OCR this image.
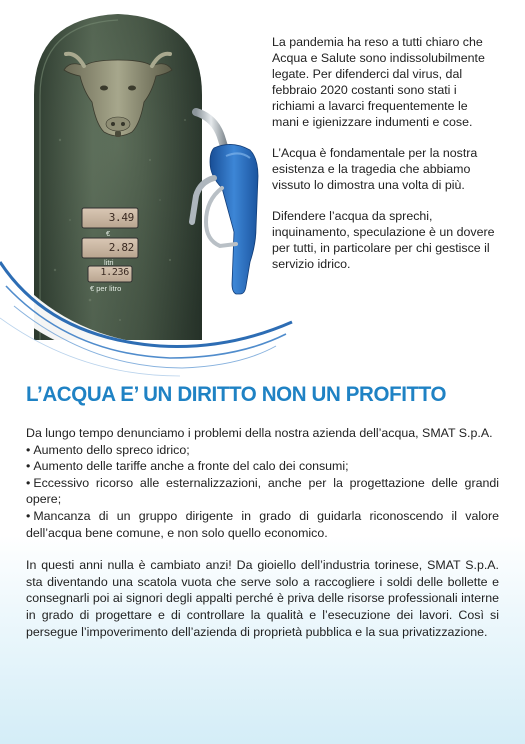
3.49
€
2.82
litri
1.236
€ per litro

La pandemia ha reso a tutti chiaro che Acqua e Salute sono indissolubilmente legate. Per difenderci dal virus, dal febbraio 2020 costanti sono stati i richiami a lavarci frequentemente le mani e igienizzare indumenti e cose.

L’Acqua è fondamentale per la nostra esistenza e la tragedia che abbiamo vissuto lo dimostra una volta di più.

Difendere l’acqua da sprechi, inquinamento, speculazione è un dovere per tutti, in particolare per chi gestisce il servizio idrico.

L’ACQUA E’ UN DIRITTO NON UN PROFITTO

Da lungo tempo denunciamo i problemi della nostra azienda dell’acqua, SMAT S.p.A.

• Aumento dello spreco idrico;
• Aumento delle tariffe anche a fronte del calo dei consumi;
• Eccessivo ricorso alle esternalizzazioni, anche per la progettazione delle grandi opere;
• Mancanza di un gruppo dirigente in grado di guidarla riconoscendo il valore dell’acqua bene comune, e non solo quello economico.

In questi anni nulla è cambiato anzi! Da gioiello dell’industria torinese, SMAT S.p.A. sta diventando una scatola vuota che serve solo a raccogliere i soldi delle bollette e consegnarli poi ai signori degli appalti perché è priva delle risorse professionali interne in grado di progettare e di controllare la qualità e l’esecuzione dei lavori. Così si persegue l’impoverimento dell’azienda di proprietà pubblica e la sua privatizzazione.
